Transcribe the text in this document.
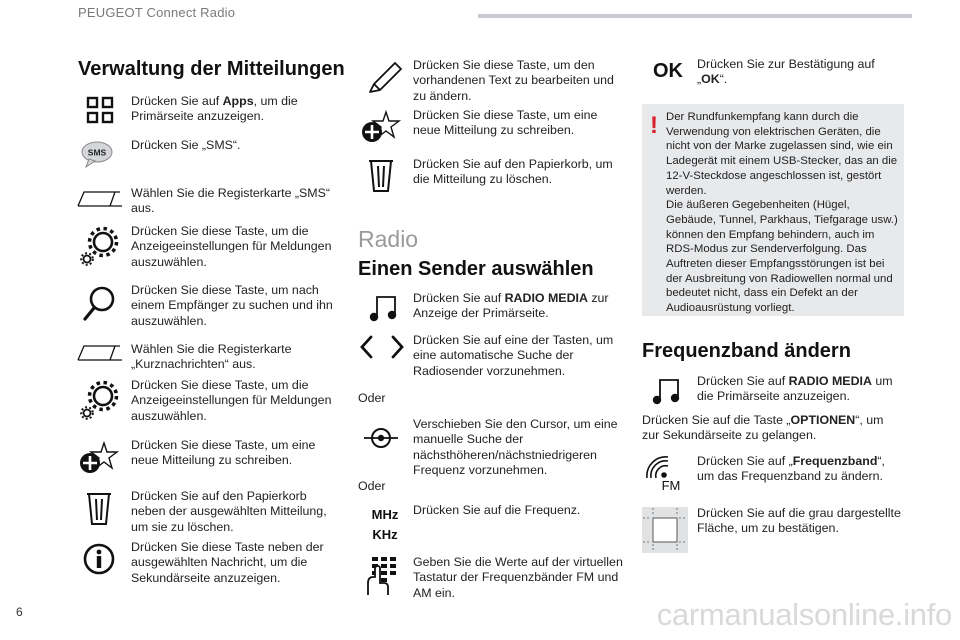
PEUGEOT Connect Radio
Verwaltung der Mitteilungen
Drücken Sie auf Apps, um die Primärseite anzuzeigen.
SMS
Drücken Sie „SMS“.
Wählen Sie die Registerkarte „SMS“ aus.
Drücken Sie diese Taste, um die Anzeigeeinstellungen für Meldungen auszuwählen.
Drücken Sie diese Taste, um nach einem Empfänger zu suchen und ihn auszuwählen.
Wählen Sie die Registerkarte „Kurznachrichten“ aus.
Drücken Sie diese Taste, um die Anzeigeeinstellungen für Meldungen auszuwählen.
Drücken Sie diese Taste, um eine neue Mitteilung zu schreiben.
Drücken Sie auf den Papierkorb neben der ausgewählten Mitteilung, um sie zu löschen.
Drücken Sie diese Taste neben der ausgewählten Nachricht, um die Sekundärseite anzuzeigen.
Drücken Sie diese Taste, um den vorhandenen Text zu bearbeiten und zu ändern.
Drücken Sie diese Taste, um eine neue Mitteilung zu schreiben.
Drücken Sie auf den Papierkorb, um die Mitteilung zu löschen.
Radio
Einen Sender auswählen
Drücken Sie auf RADIO MEDIA zur Anzeige der Primärseite.
Drücken Sie auf eine der Tasten, um eine automatische Suche der Radiosender vorzunehmen.
Oder
Verschieben Sie den Cursor, um eine manuelle Suche der nächsthöheren/nächstniedrigeren Frequenz vorzunehmen.
Oder
MHz
KHz
Drücken Sie auf die Frequenz.
Geben Sie die Werte auf der virtuellen Tastatur der Frequenzbänder FM und AM ein.
OK Drücken Sie zur Bestätigung auf „OK“.
! Der Rundfunkempfang kann durch die Verwendung von elektrischen Geräten, die nicht von der Marke zugelassen sind, wie ein Ladegerät mit einem USB-Stecker, das an die 12-V-Steckdose angeschlossen ist, gestört werden.
Die äußeren Gegebenheiten (Hügel, Gebäude, Tunnel, Parkhaus, Tiefgarage usw.) können den Empfang behindern, auch im RDS-Modus zur Senderverfolgung. Das Auftreten dieser Empfangsstörungen ist bei der Ausbreitung von Radiowellen normal und bedeutet nicht, dass ein Defekt an der Audioausrüstung vorliegt.
Frequenzband ändern
Drücken Sie auf RADIO MEDIA um die Primärseite anzuzeigen.
Drücken Sie auf die Taste „OPTIONEN“, um zur Sekundärseite zu gelangen.
FM
Drücken Sie auf „Frequenzband“, um das Frequenzband zu ändern.
Drücken Sie auf die grau dargestellte Fläche, um zu bestätigen.
6	carmanualsonline.info
